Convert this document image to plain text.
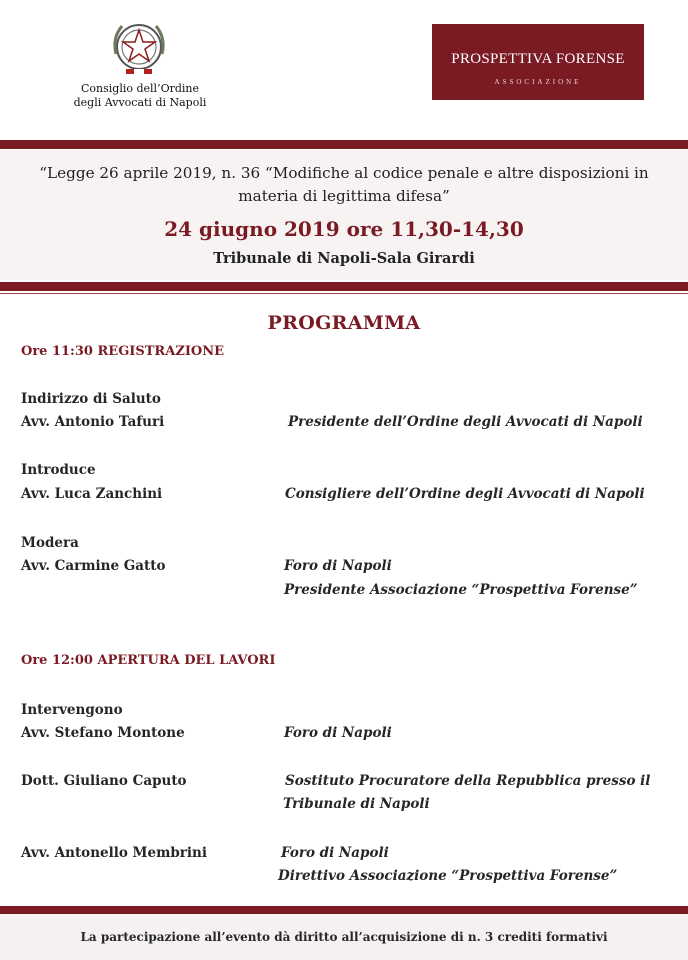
Consiglio dell’Ordine
degli Avvocati di Napoli
PROSPETTIVA FORENSE
ASSOCIAZIONE
“Legge 26 aprile 2019, n. 36 “Modifiche al codice penale e altre disposizioni in
materia di legittima difesa”
24 giugno 2019 ore 11,30-14,30
Tribunale di Napoli-Sala Girardi
PROGRAMMA
Ore 11:30 REGISTRAZIONE
Indirizzo di Saluto
Avv. Antonio Tafuri	Presidente dell’Ordine degli Avvocati di Napoli
Introduce
Avv. Luca Zanchini	Consigliere dell’Ordine degli Avvocati di Napoli
Modera
Avv. Carmine Gatto	Foro di Napoli
Presidente Associazione “Prospettiva Forense”
Ore 12:00 APERTURA DEL LAVORI
Intervengono
Avv. Stefano Montone	Foro di Napoli
Dott. Giuliano Caputo	Sostituto Procuratore della Repubblica presso il
Tribunale di Napoli
Avv. Antonello Membrini	Foro di Napoli
Direttivo Associazione “Prospettiva Forense”
La partecipazione all’evento dà diritto all’acquisizione di n. 3 crediti formativi
